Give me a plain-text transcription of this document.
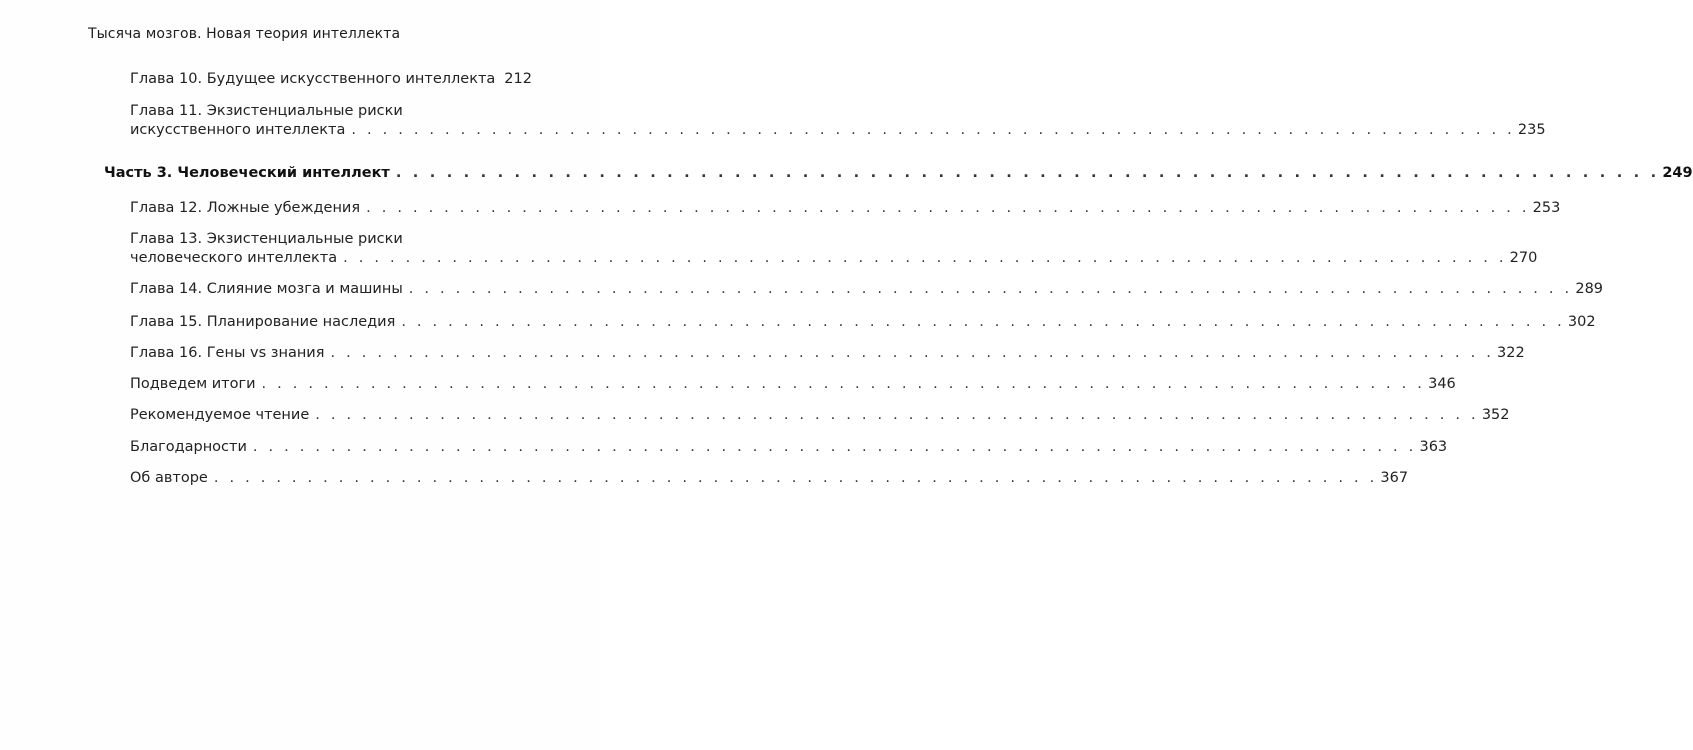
Тысяча мозгов. Новая теория интеллекта
Глава 10. Будущее искусственного интеллекта 212
Глава 11. Экзистенциальные риски
искусственного интеллекта . . . . . . . . . . . . . . . . . . . . . . . . . . . . . . . . . . . . . . . . . . . . . . . . . . . . . . . . . . . . . . . . . . . . . . . . . . . 235
Часть 3. Человеческий интеллект . . . . . . . . . . . . . . . . . . . . . . . . . . . . . . . . . . . . . . . . . . . . . . . . . . . . . . . . . . . . . . . . . . . . . . . . . . . 249
Глава 12. Ложные убеждения . . . . . . . . . . . . . . . . . . . . . . . . . . . . . . . . . . . . . . . . . . . . . . . . . . . . . . . . . . . . . . . . . . . . . . . . . . . 253
Глава 13. Экзистенциальные риски
человеческого интеллекта . . . . . . . . . . . . . . . . . . . . . . . . . . . . . . . . . . . . . . . . . . . . . . . . . . . . . . . . . . . . . . . . . . . . . . . . . . . 270
Глава 14. Слияние мозга и машины . . . . . . . . . . . . . . . . . . . . . . . . . . . . . . . . . . . . . . . . . . . . . . . . . . . . . . . . . . . . . . . . . . . . . . . . . . . 289
Глава 15. Планирование наследия . . . . . . . . . . . . . . . . . . . . . . . . . . . . . . . . . . . . . . . . . . . . . . . . . . . . . . . . . . . . . . . . . . . . . . . . . . . 302
Глава 16. Гены vs знания . . . . . . . . . . . . . . . . . . . . . . . . . . . . . . . . . . . . . . . . . . . . . . . . . . . . . . . . . . . . . . . . . . . . . . . . . . . 322
Подведем итоги . . . . . . . . . . . . . . . . . . . . . . . . . . . . . . . . . . . . . . . . . . . . . . . . . . . . . . . . . . . . . . . . . . . . . . . . . . . 346
Рекомендуемое чтение . . . . . . . . . . . . . . . . . . . . . . . . . . . . . . . . . . . . . . . . . . . . . . . . . . . . . . . . . . . . . . . . . . . . . . . . . . . 352
Благодарности . . . . . . . . . . . . . . . . . . . . . . . . . . . . . . . . . . . . . . . . . . . . . . . . . . . . . . . . . . . . . . . . . . . . . . . . . . . 363
Об авторе . . . . . . . . . . . . . . . . . . . . . . . . . . . . . . . . . . . . . . . . . . . . . . . . . . . . . . . . . . . . . . . . . . . . . . . . . . . 367
